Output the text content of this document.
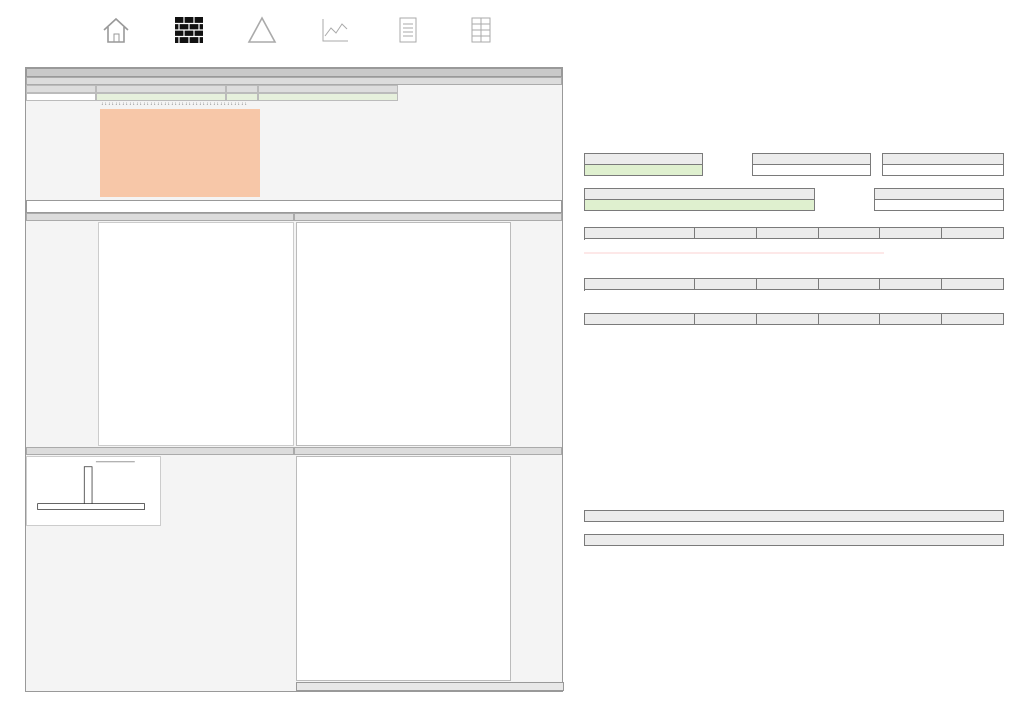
↓↓↓↓↓↓↓↓↓↓↓↓↓↓↓↓↓↓↓↓↓↓↓↓↓↓↓↓↓↓↓↓↓↓↓↓↓↓↓↓↓↓
